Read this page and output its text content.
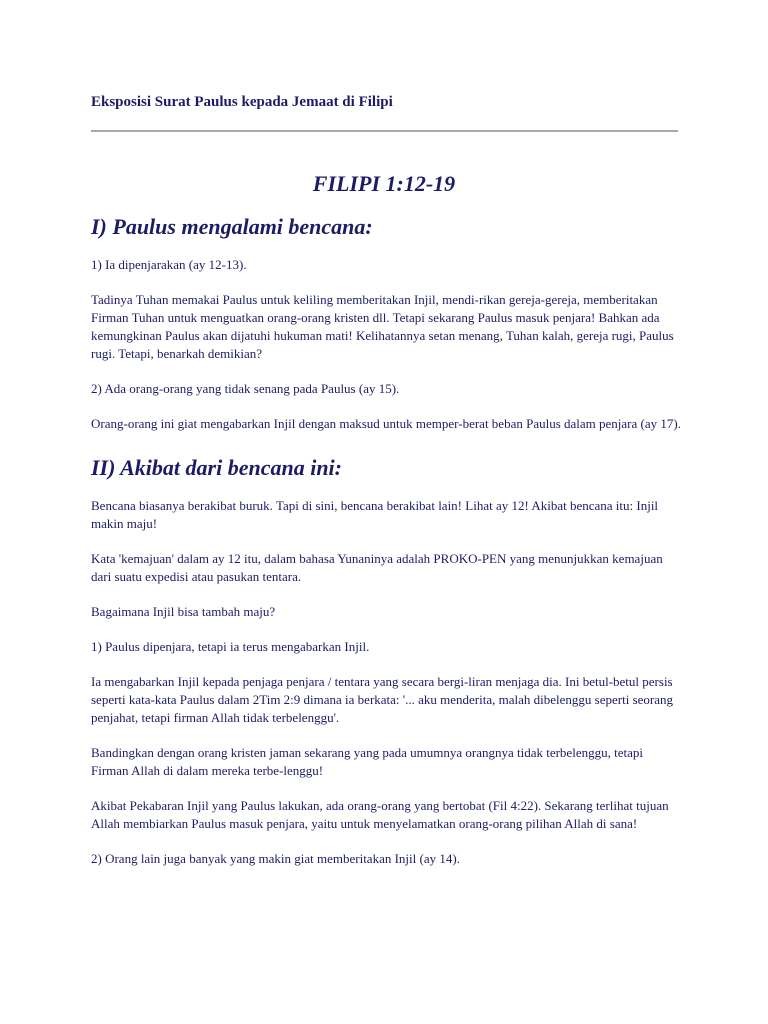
Eksposisi Surat Paulus kepada Jemaat di Filipi
FILIPI 1:12-19
I) Paulus mengalami bencana:

1) Ia dipenjarakan (ay 12-13).

Tadinya Tuhan memakai Paulus untuk keliling memberitakan Injil, mendi-rikan gereja-gereja, memberitakan Firman Tuhan untuk menguatkan orang-orang kristen dll. Tetapi sekarang Paulus masuk penjara! Bahkan ada kemungkinan Paulus akan dijatuhi hukuman mati! Kelihatannya setan menang, Tuhan kalah, gereja rugi, Paulus rugi. Tetapi, benarkah demikian?

2) Ada orang-orang yang tidak senang pada Paulus (ay 15).

Orang-orang ini giat mengabarkan Injil dengan maksud untuk memper-berat beban Paulus dalam penjara (ay 17).

II) Akibat dari bencana ini:

Bencana biasanya berakibat buruk. Tapi di sini, bencana berakibat lain! Lihat ay 12! Akibat bencana itu: Injil makin maju!

Kata 'kemajuan' dalam ay 12 itu, dalam bahasa Yunaninya adalah PROKO-PEN yang menunjukkan kemajuan dari suatu expedisi atau pasukan tentara.

Bagaimana Injil bisa tambah maju?

1) Paulus dipenjara, tetapi ia terus mengabarkan Injil.

Ia mengabarkan Injil kepada penjaga penjara / tentara yang secara bergi-liran menjaga dia. Ini betul-betul persis seperti kata-kata Paulus dalam 2Tim 2:9 dimana ia berkata: '... aku menderita, malah dibelenggu seperti seorang penjahat, tetapi firman Allah tidak terbelenggu'.

Bandingkan dengan orang kristen jaman sekarang yang pada umumnya orangnya tidak terbelenggu, tetapi Firman Allah di dalam mereka terbe-lenggu!

Akibat Pekabaran Injil yang Paulus lakukan, ada orang-orang yang bertobat (Fil 4:22). Sekarang terlihat tujuan Allah membiarkan Paulus masuk penjara, yaitu untuk menyelamatkan orang-orang pilihan Allah di sana!

2) Orang lain juga banyak yang makin giat memberitakan Injil (ay 14).
